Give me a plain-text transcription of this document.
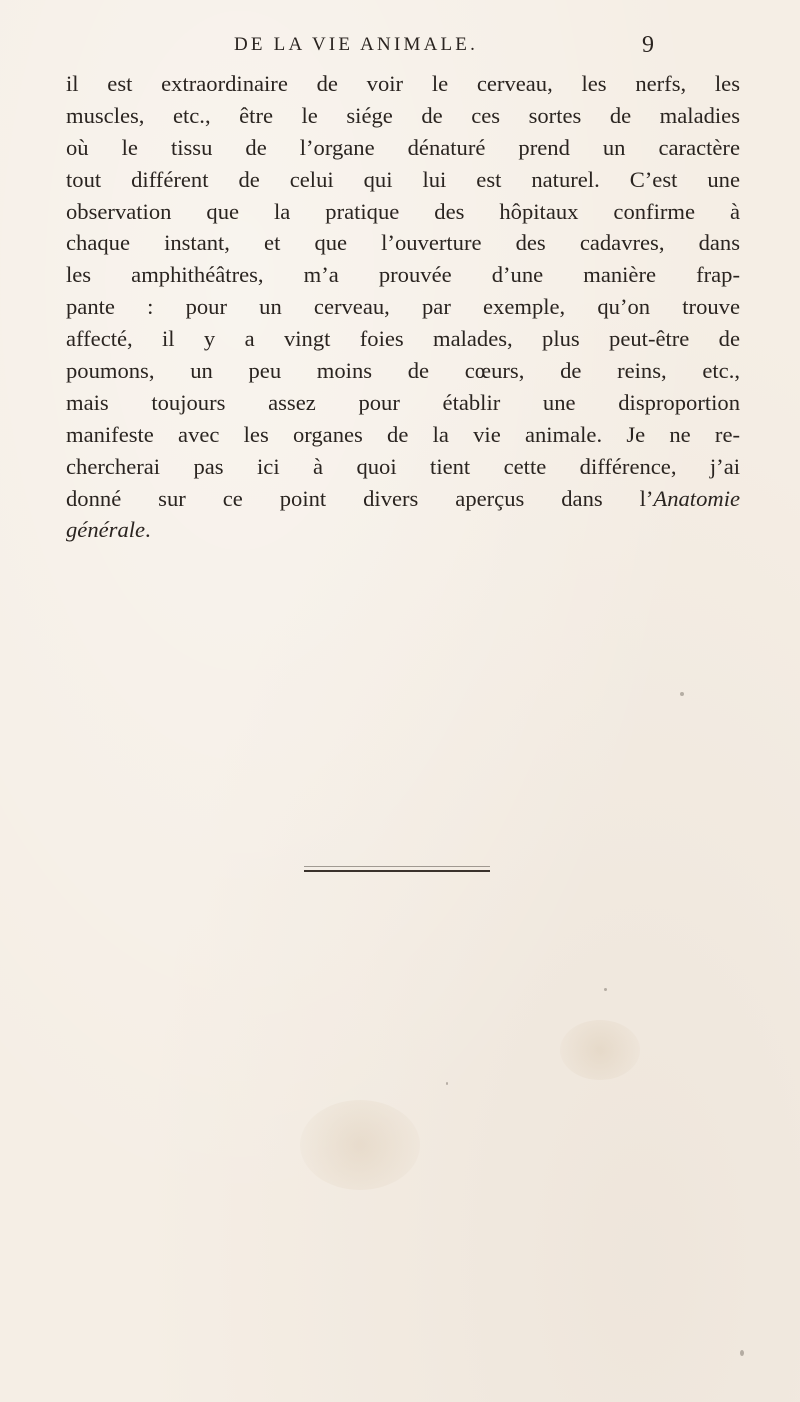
DE LA VIE ANIMALE.	9
il est extraordinaire de voir le cerveau, les nerfs, les
muscles, etc., être le siége de ces sortes de maladies
où le tissu de l’organe dénaturé prend un caractère
tout différent de celui qui lui est naturel. C’est une
observation que la pratique des hôpitaux confirme à
chaque instant, et que l’ouverture des cadavres, dans
les amphithéâtres, m’a prouvée d’une manière frap-
pante : pour un cerveau, par exemple, qu’on trouve
affecté, il y a vingt foies malades, plus peut-être de
poumons, un peu moins de cœurs, de reins, etc.,
mais toujours assez pour établir une disproportion
manifeste avec les organes de la vie animale. Je ne re-
chercherai pas ici à quoi tient cette différence, j’ai
donné sur ce point divers aperçus dans l’Anatomie
générale.
